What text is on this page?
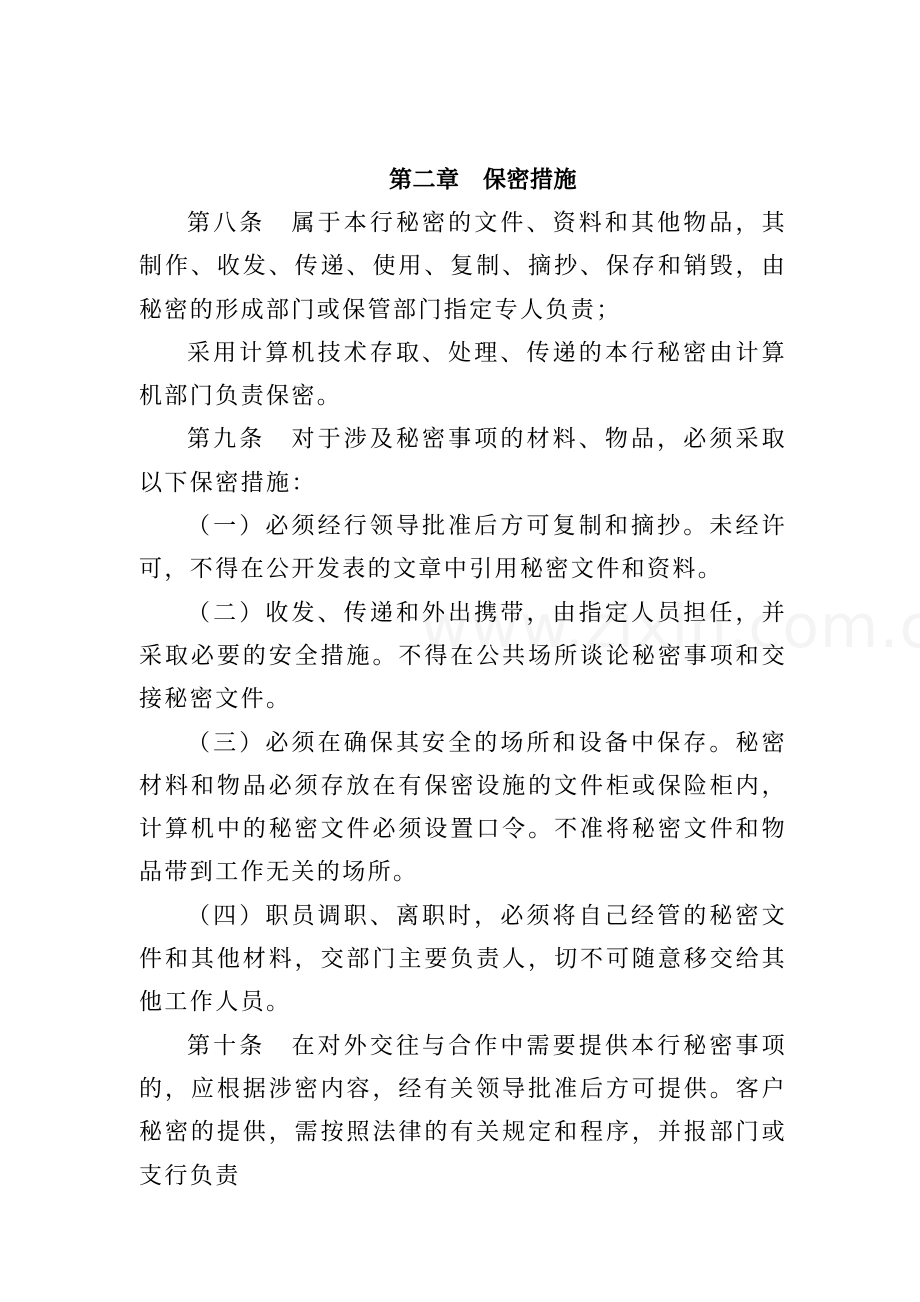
第二章　保密措施

第八条　属于本行秘密的文件、资料和其他物品，其制作、收发、传递、使用、复制、摘抄、保存和销毁，由秘密的形成部门或保管部门指定专人负责；

采用计算机技术存取、处理、传递的本行秘密由计算机部门负责保密。

第九条　对于涉及秘密事项的材料、物品，必须采取以下保密措施：

（一）必须经行领导批准后方可复制和摘抄。未经许可，不得在公开发表的文章中引用秘密文件和资料。

（二）收发、传递和外出携带，由指定人员担任，并采取必要的安全措施。不得在公共场所谈论秘密事项和交接秘密文件。

（三）必须在确保其安全的场所和设备中保存。秘密材料和物品必须存放在有保密设施的文件柜或保险柜内，计算机中的秘密文件必须设置口令。不准将秘密文件和物品带到工作无关的场所。

（四）职员调职、离职时，必须将自己经管的秘密文件和其他材料，交部门主要负责人，切不可随意移交给其他工作人员。

第十条　在对外交往与合作中需要提供本行秘密事项的，应根据涉密内容，经有关领导批准后方可提供。客户秘密的提供，需按照法律的有关规定和程序，并报部门或支行负责
